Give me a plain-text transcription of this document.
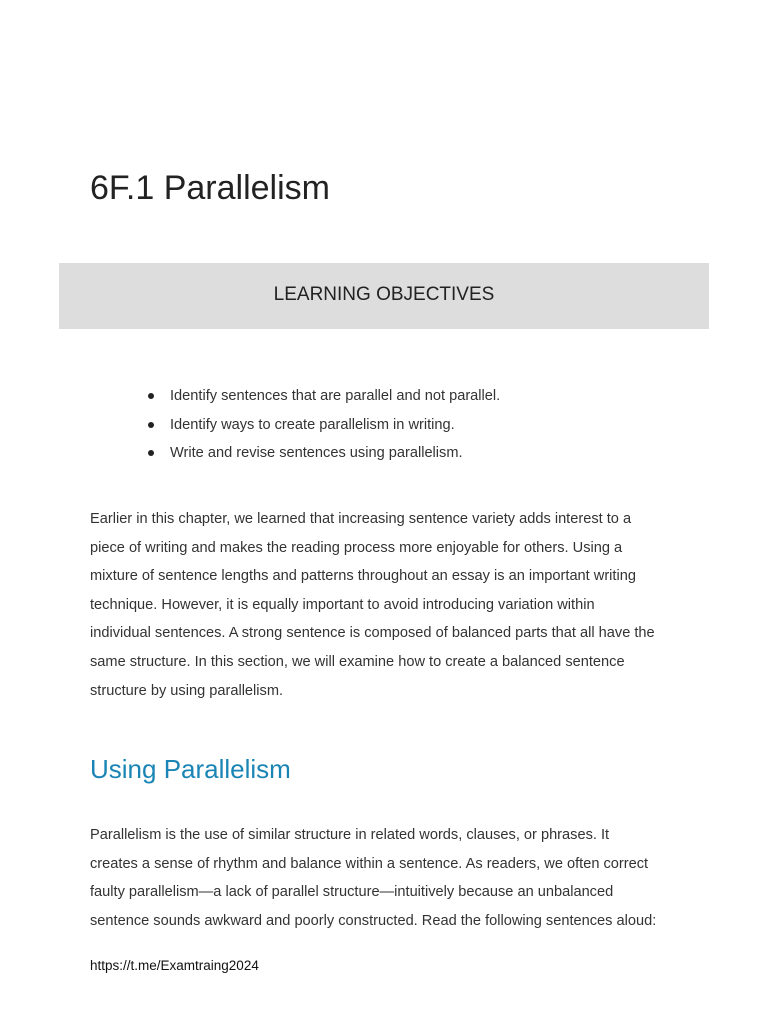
6F.1 Parallelism
LEARNING OBJECTIVES
Identify sentences that are parallel and not parallel.
Identify ways to create parallelism in writing.
Write and revise sentences using parallelism.

Earlier in this chapter, we learned that increasing sentence variety adds interest to a
piece of writing and makes the reading process more enjoyable for others. Using a
mixture of sentence lengths and patterns throughout an essay is an important writing
technique. However, it is equally important to avoid introducing variation within
individual sentences. A strong sentence is composed of balanced parts that all have the
same structure. In this section, we will examine how to create a balanced sentence
structure by using parallelism.

Using Parallelism

Parallelism is the use of similar structure in related words, clauses, or phrases. It
creates a sense of rhythm and balance within a sentence. As readers, we often correct
faulty parallelism—a lack of parallel structure—intuitively because an unbalanced
sentence sounds awkward and poorly constructed. Read the following sentences aloud:

https://t.me/Examtraing2024
